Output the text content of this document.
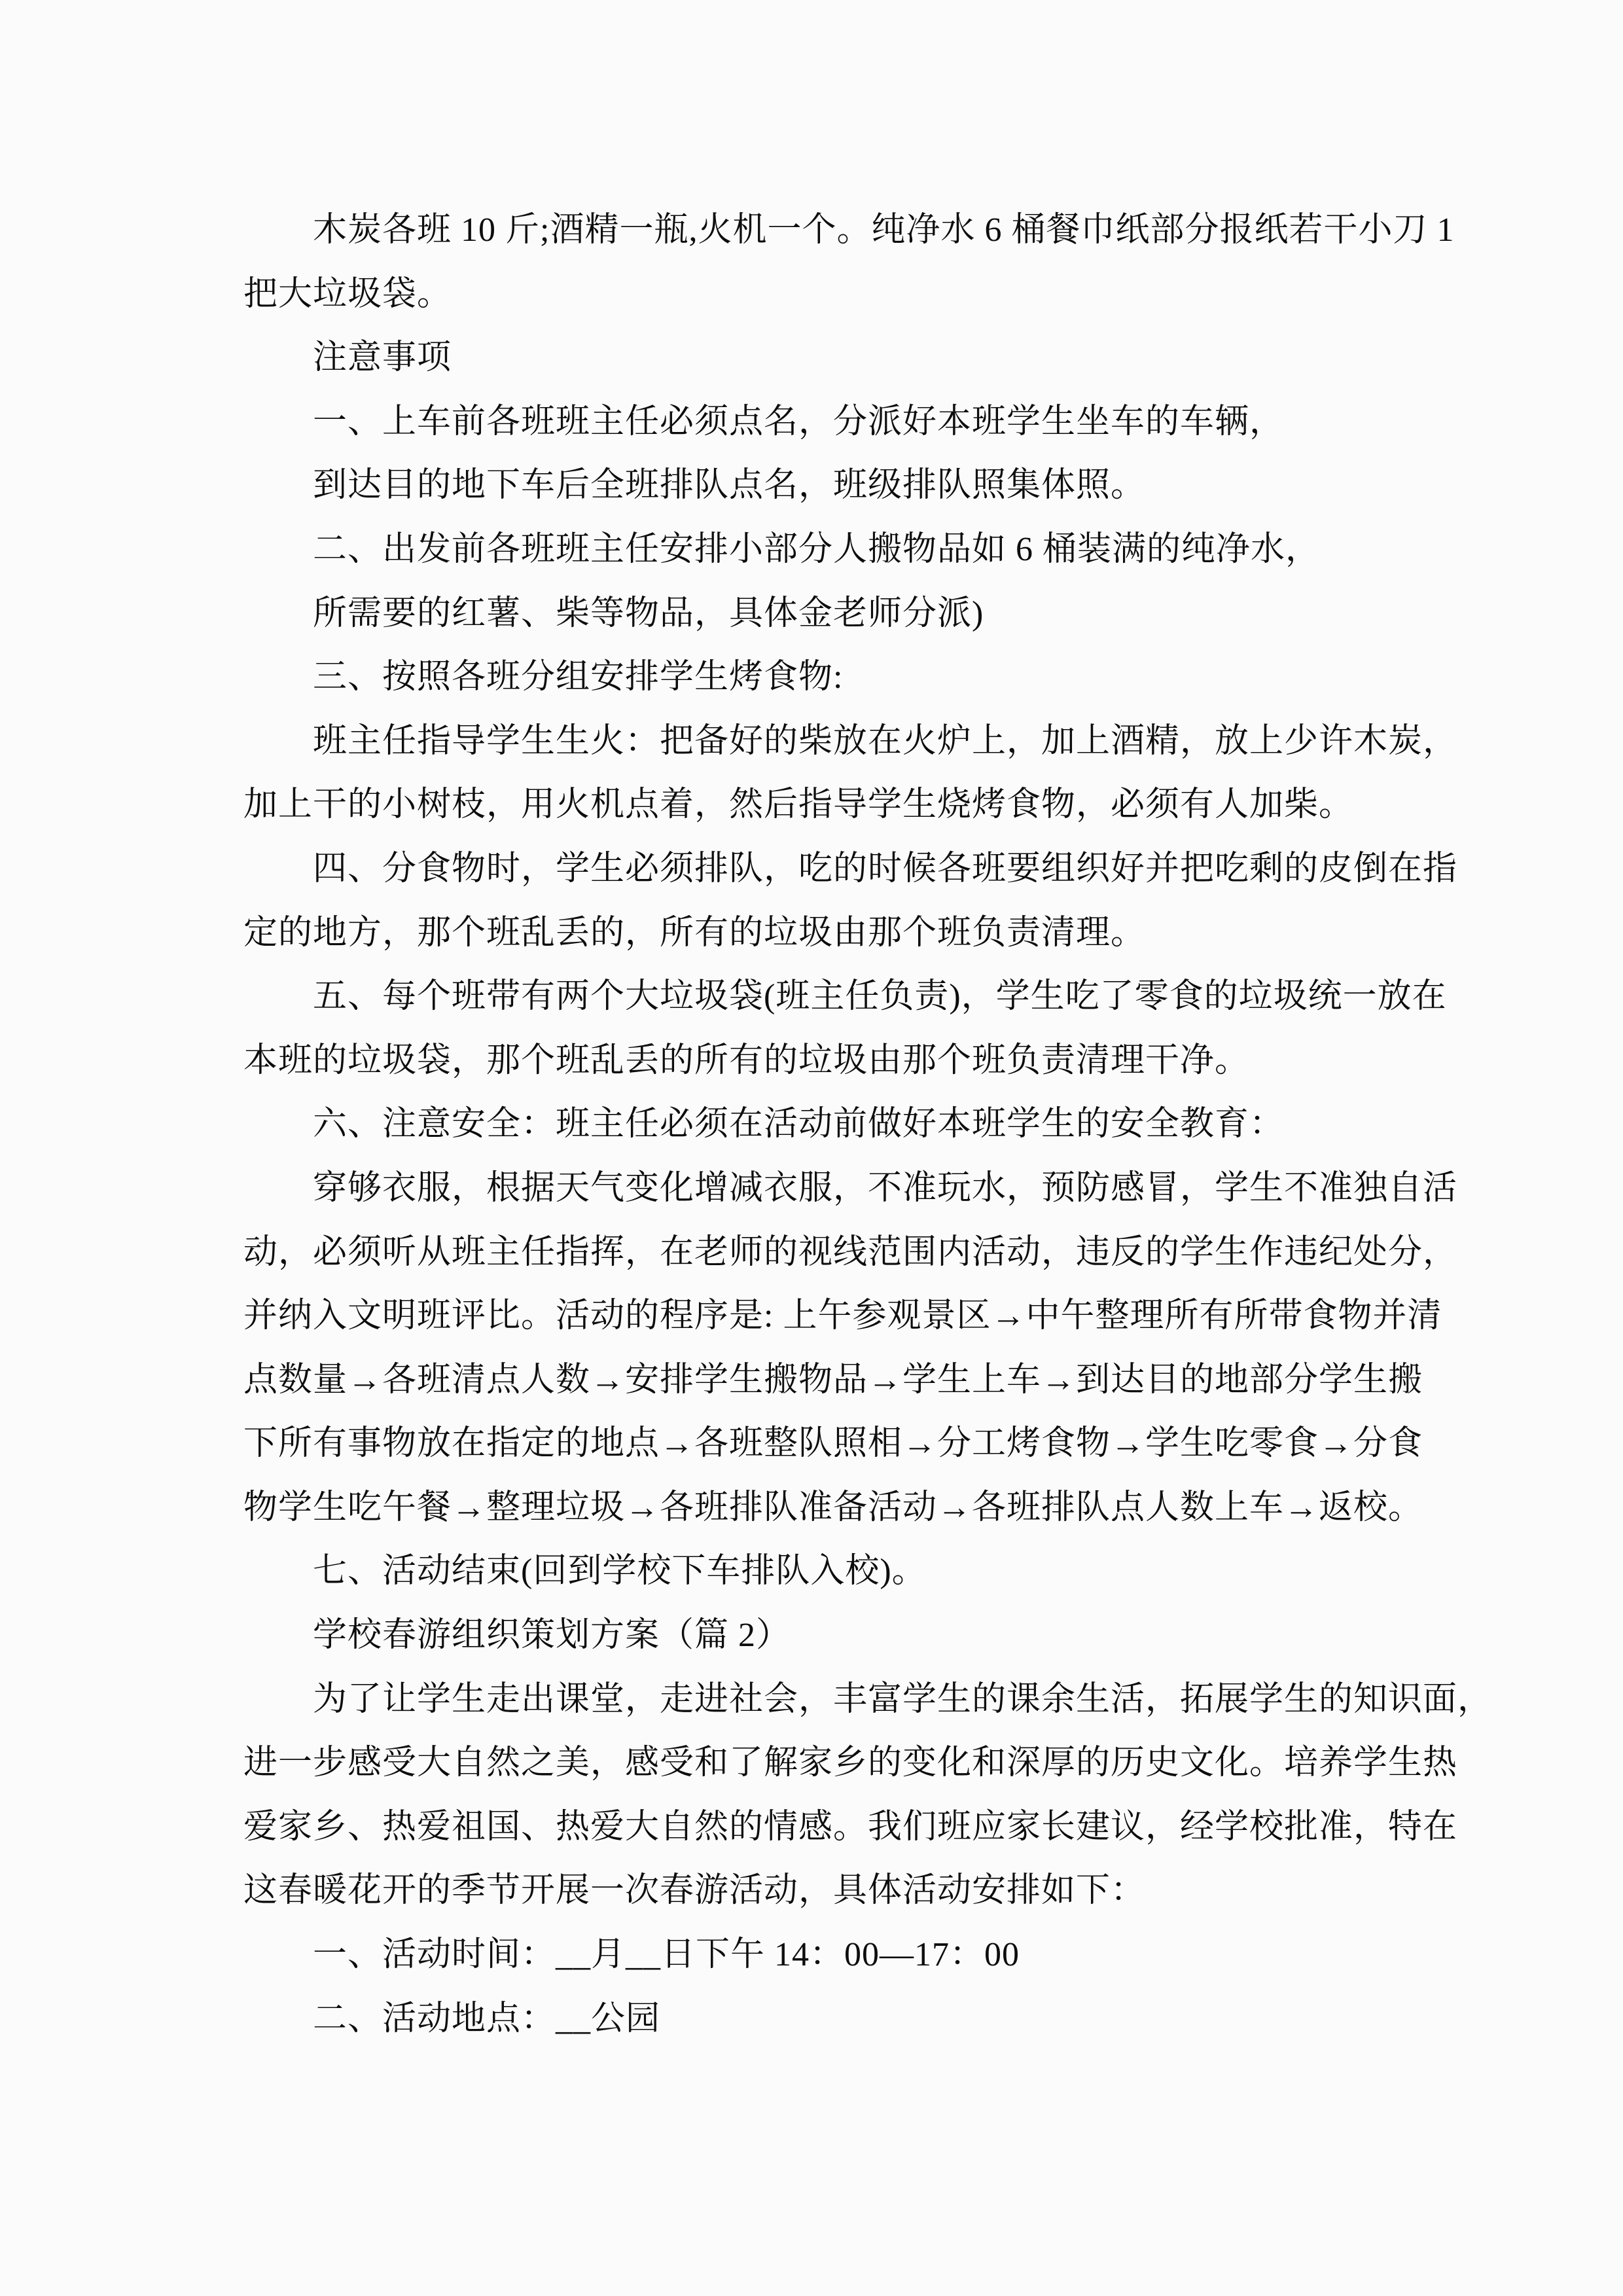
木炭各班 10 斤;酒精一瓶,火机一个。纯净水 6 桶餐巾纸部分报纸若干小刀 1
把大垃圾袋。
注意事项
一、上车前各班班主任必须点名，分派好本班学生坐车的车辆，
到达目的地下车后全班排队点名，班级排队照集体照。
二、出发前各班班主任安排小部分人搬物品如 6 桶装满的纯净水，
所需要的红薯、柴等物品，具体金老师分派)
三、按照各班分组安排学生烤食物:
班主任指导学生生火：把备好的柴放在火炉上，加上酒精，放上少许木炭，
加上干的小树枝，用火机点着，然后指导学生烧烤食物，必须有人加柴。
四、分食物时，学生必须排队，吃的时候各班要组织好并把吃剩的皮倒在指
定的地方，那个班乱丢的，所有的垃圾由那个班负责清理。
五、每个班带有两个大垃圾袋(班主任负责)，学生吃了零食的垃圾统一放在
本班的垃圾袋，那个班乱丢的所有的垃圾由那个班负责清理干净。
六、注意安全：班主任必须在活动前做好本班学生的安全教育：
穿够衣服，根据天气变化增减衣服，不准玩水，预防感冒，学生不准独自活
动，必须听从班主任指挥，在老师的视线范围内活动，违反的学生作违纪处分，
并纳入文明班评比。活动的程序是: 上午参观景区→中午整理所有所带食物并清
点数量→各班清点人数→安排学生搬物品→学生上车→到达目的地部分学生搬
下所有事物放在指定的地点→各班整队照相→分工烤食物→学生吃零食→分食
物学生吃午餐→整理垃圾→各班排队准备活动→各班排队点人数上车→返校。
七、活动结束(回到学校下车排队入校)。
学校春游组织策划方案（篇 2）
为了让学生走出课堂，走进社会，丰富学生的课余生活，拓展学生的知识面，
进一步感受大自然之美，感受和了解家乡的变化和深厚的历史文化。培养学生热
爱家乡、热爱祖国、热爱大自然的情感。我们班应家长建议，经学校批准，特在
这春暖花开的季节开展一次春游活动，具体活动安排如下：
一、活动时间：__月__日下午 14：00—17：00
二、活动地点：__公园
